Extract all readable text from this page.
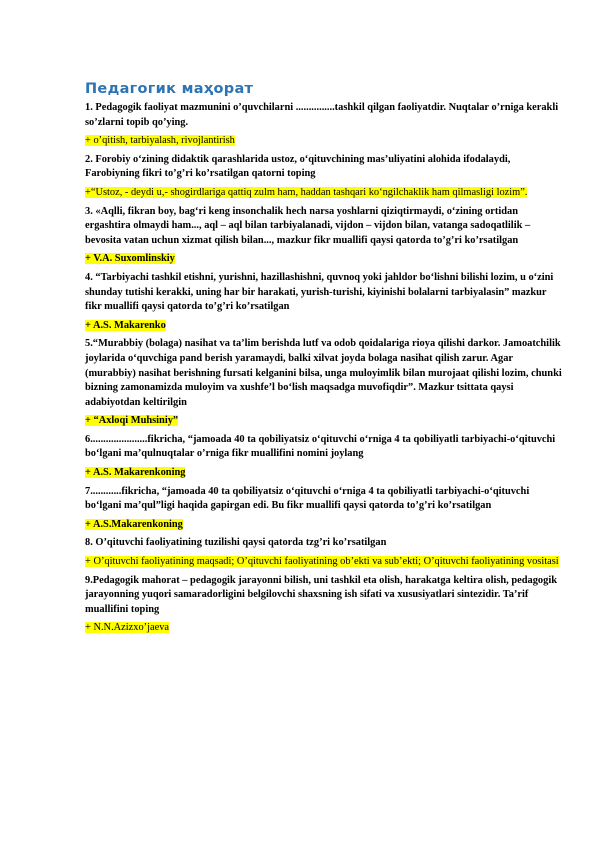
Педагогик маҳорат
1. Pedagogik faoliyat mazmunini o’quvchilarni ...............tashkil qilgan faoliyatdir. Nuqtalar o’rniga kerakli so’zlarni topib qo’ying.
+ o’qitish, tarbiyalash, rivojlantirish
2. Forobiy o‘zining didaktik qarashlarida ustoz, o‘qituvchining mas’uliyatini alohida ifodalaydi, Farobiyning fikri to’g’ri ko’rsatilgan qatorni toping
+“Ustoz, - deydi u,- shogirdlariga qattiq zulm ham, haddan tashqari ko‘ngilchaklik ham qilmasligi lozim”.
3. «Aqlli, fikran boy, bag‘ri keng insonchalik hech narsa yoshlarni qiziqtirmaydi, o‘zining ortidan ergashtira olmaydi ham..., aql – aql bilan tarbiyalanadi, vijdon – vijdon bilan, vatanga sadoqatlilik – bevosita vatan uchun xizmat qilish bilan..., mazkur fikr muallifi qaysi qatorda to’g’ri ko’rsatilgan
+ V.A. Suxomlinskiy
4. “Tarbiyachi tashkil etishni, yurishni, hazillashishni, quvnoq yoki jahldor bo‘lishni bilishi lozim, u o‘zini shunday tutishi kerakki, uning har bir harakati, yurish-turishi, kiyinishi bolalarni tarbiyalasin” mazkur fikr muallifi qaysi qatorda to’g’ri ko’rsatilgan
+ A.S. Makarenko
5.“Murabbiy (bolaga) nasihat va ta’lim berishda lutf va odob qoidalariga rioya qilishi darkor. Jamoatchilik joylarida o‘quvchiga pand berish yaramaydi, balki xilvat joyda bolaga nasihat qilish zarur. Agar (murabbiy) nasihat berishning fursati kelganini bilsa, unga muloyimlik bilan murojaat qilishi lozim, chunki bizning zamonamizda muloyim va xushfe’l bo‘lish maqsadga muvofiqdir”. Mazkur tsittata qaysi adabiyotdan keltirilgin
+ “Axloqi Muhsiniy”
6......................fikricha, “jamoada 40 ta qobiliyatsiz o‘qituvchi o‘rniga 4 ta qobiliyatli tarbiyachi-o‘qituvchi bo‘lgani ma’qulnuqtalar o’rniga fikr muallifini nomini joylang
+ A.S. Makarenkoning
7............fikricha, “jamoada 40 ta qobiliyatsiz o‘qituvchi o‘rniga 4 ta qobiliyatli tarbiyachi-o‘qituvchi bo‘lgani ma’qul”ligi haqida gapirgan edi. Bu fikr muallifi qaysi qatorda to’g’ri ko’rsatilgan
+ A.S.Makarenkoning
8. O’qituvchi faoliyatining tuzilishi qaysi qatorda tzg’ri ko’rsatilgan
+ O’qituvchi faoliyatining maqsadi; O’qituvchi faoliyatining ob’ekti va sub’ekti; O’qituvchi faoliyatining vositasi
9.Pedagogik mahorat – pedagogik jarayonni bilish, uni tashkil eta olish, harakatga keltira olish, pedagogik jarayonning yuqori samaradorligini belgilovchi shaxsning ish sifati va xususiyatlari sintezidir. Ta’rif muallifini toping
+ N.N.Azizxo’jaeva
